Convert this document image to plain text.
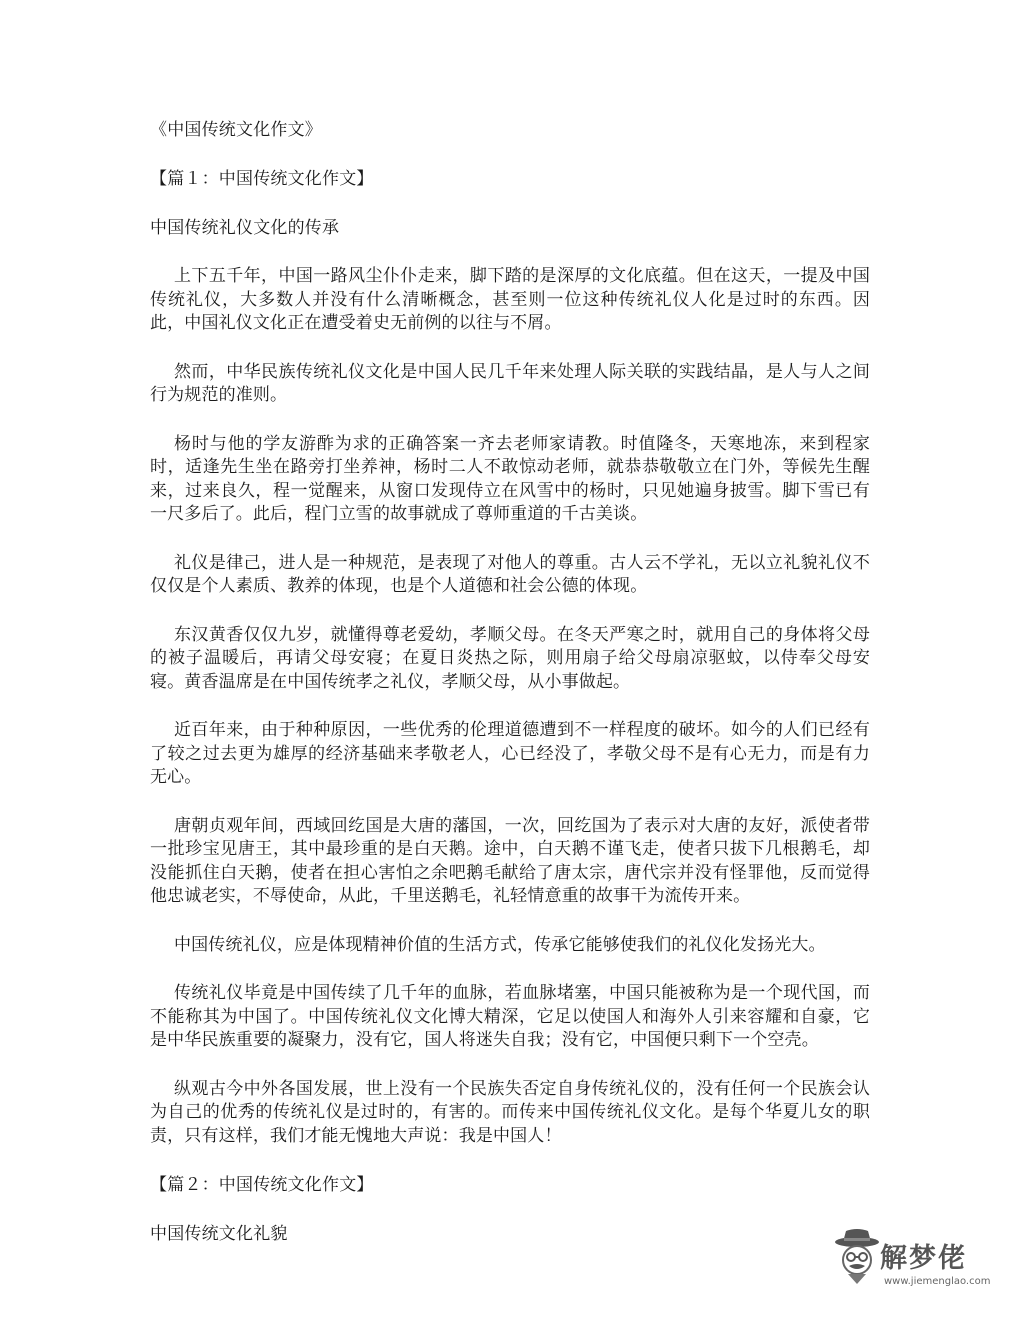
《中国传统文化作文》
【篇１：中国传统文化作文】
中国传统礼仪文化的传承

上下五千年，中国一路风尘仆仆走来，脚下踏的是深厚的文化底蕴。但在这天，一提及中国传统礼仪，大多数人并没有什么清晰概念，甚至则一位这种传统礼仪人化是过时的东西。因此，中国礼仪文化正在遭受着史无前例的以往与不屑。

然而，中华民族传统礼仪文化是中国人民几千年来处理人际关联的实践结晶，是人与人之间行为规范的准则。

杨时与他的学友游酢为求的正确答案一齐去老师家请教。时值隆冬，天寒地冻，来到程家时，适逢先生坐在路旁打坐养神，杨时二人不敢惊动老师，就恭恭敬敬立在门外，等候先生醒来，过来良久，程一觉醒来，从窗口发现侍立在风雪中的杨时，只见她遍身披雪。脚下雪已有一尺多后了。此后，程门立雪的故事就成了尊师重道的千古美谈。

礼仪是律己，进人是一种规范，是表现了对他人的尊重。古人云不学礼，无以立礼貌礼仪不仅仅是个人素质、教养的体现，也是个人道德和社会公德的体现。

东汉黄香仅仅九岁，就懂得尊老爱幼，孝顺父母。在冬天严寒之时，就用自己的身体将父母的被子温暖后，再请父母安寝；在夏日炎热之际，则用扇子给父母扇凉驱蚊，以侍奉父母安寝。黄香温席是在中国传统孝之礼仪，孝顺父母，从小事做起。

近百年来，由于种种原因，一些优秀的伦理道德遭到不一样程度的破坏。如今的人们已经有了较之过去更为雄厚的经济基础来孝敬老人，心已经没了，孝敬父母不是有心无力，而是有力无心。

唐朝贞观年间，西域回纥国是大唐的藩国，一次，回纥国为了表示对大唐的友好，派使者带一批珍宝见唐王，其中最珍重的是白天鹅。途中，白天鹅不谨飞走，使者只拔下几根鹅毛，却没能抓住白天鹅，使者在担心害怕之余吧鹅毛献给了唐太宗，唐代宗并没有怪罪他，反而觉得他忠诚老实，不辱使命，从此，千里送鹅毛，礼轻情意重的故事干为流传开来。

中国传统礼仪，应是体现精神价值的生活方式，传承它能够使我们的礼仪化发扬光大。

传统礼仪毕竟是中国传续了几千年的血脉，若血脉堵塞，中国只能被称为是一个现代国，而不能称其为中国了。中国传统礼仪文化博大精深，它足以使国人和海外人引来容耀和自豪，它是中华民族重要的凝聚力，没有它，国人将迷失自我；没有它，中国便只剩下一个空壳。

纵观古今中外各国发展，世上没有一个民族失否定自身传统礼仪的，没有任何一个民族会认为自己的优秀的传统礼仪是过时的，有害的。而传来中国传统礼仪文化。是每个华夏儿女的职责，只有这样，我们才能无愧地大声说：我是中国人！

【篇２：中国传统文化作文】
中国传统文化礼貌
解梦佬
www.jiemenglao.com
